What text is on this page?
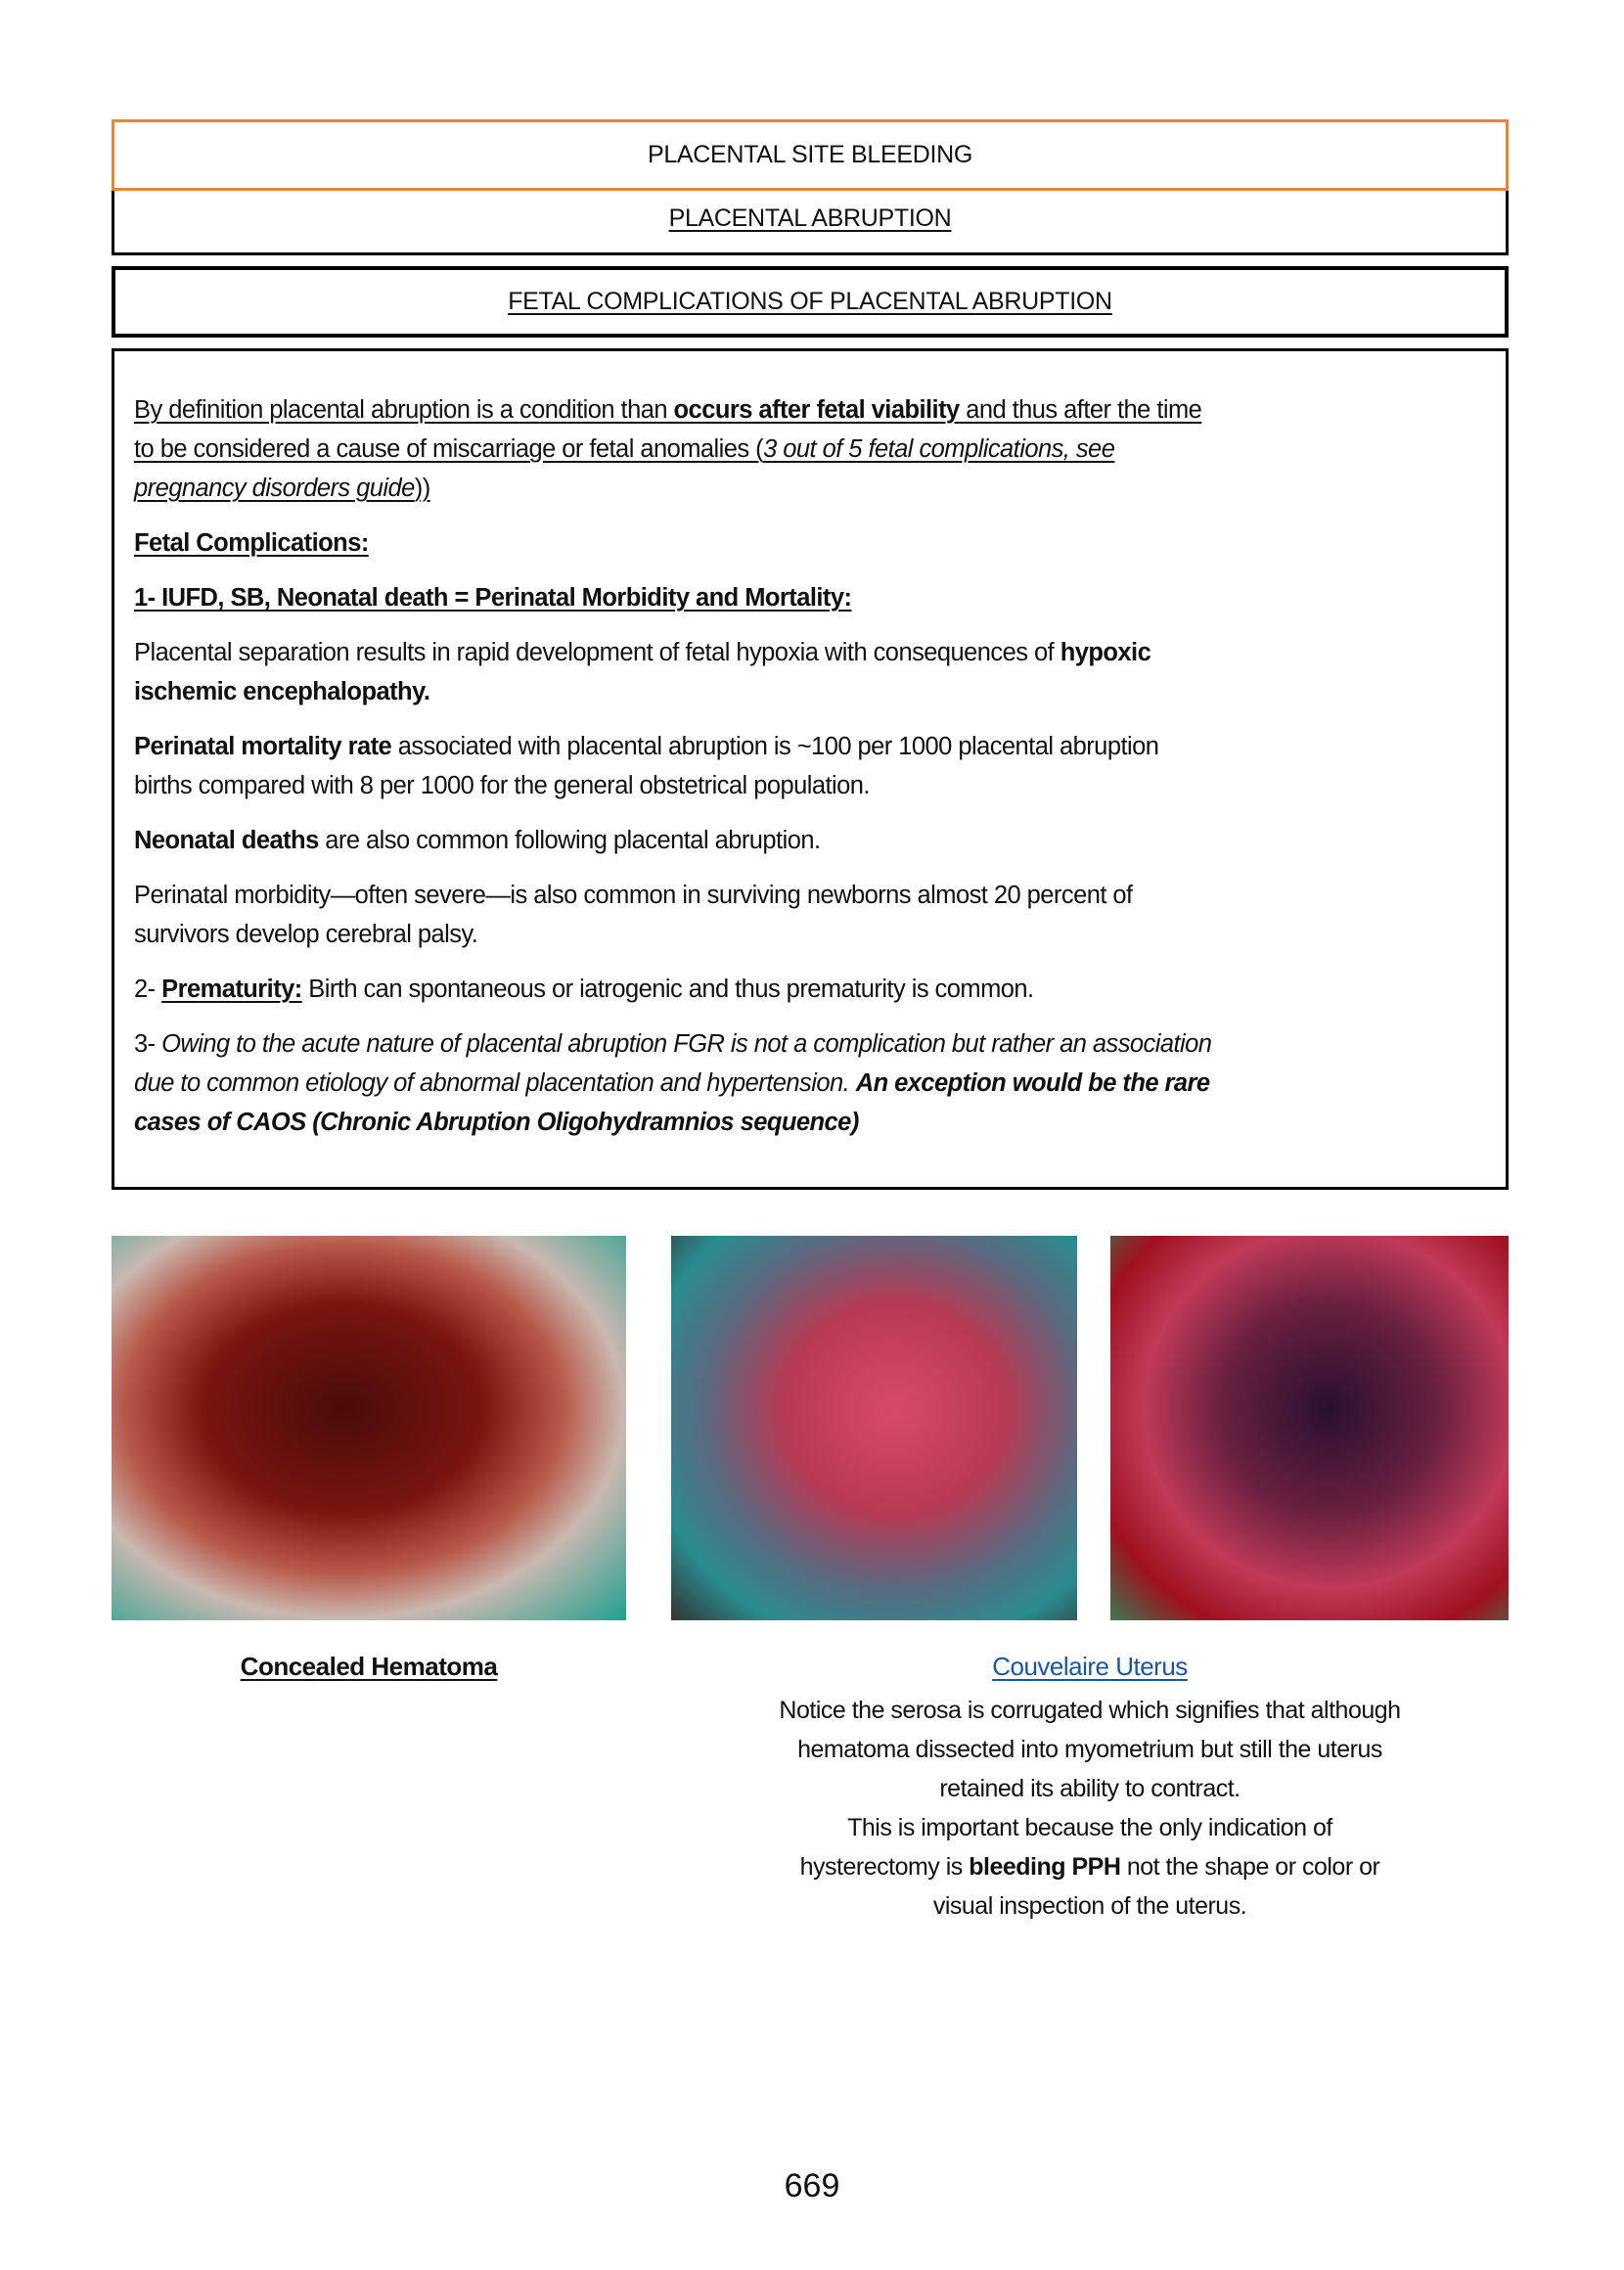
PLACENTAL SITE BLEEDING
PLACENTAL ABRUPTION
FETAL COMPLICATIONS OF PLACENTAL ABRUPTION

By definition placental abruption is a condition than occurs after fetal viability and thus after the time
to be considered a cause of miscarriage or fetal anomalies (3 out of 5 fetal complications, see
pregnancy disorders guide))

Fetal Complications:

1- IUFD, SB, Neonatal death = Perinatal Morbidity and Mortality:

Placental separation results in rapid development of fetal hypoxia with consequences of hypoxic
ischemic encephalopathy.

Perinatal mortality rate associated with placental abruption is ~100 per 1000 placental abruption
births compared with 8 per 1000 for the general obstetrical population.

Neonatal deaths are also common following placental abruption.

Perinatal morbidity—often severe—is also common in surviving newborns almost 20 percent of
survivors develop cerebral palsy.

2- Prematurity: Birth can spontaneous or iatrogenic and thus prematurity is common.

3- Owing to the acute nature of placental abruption FGR is not a complication but rather an association
due to common etiology of abnormal placentation and hypertension. An exception would be the rare
cases of CAOS (Chronic Abruption Oligohydramnios sequence)

Concealed Hematoma	Couvelaire Uterus
Notice the serosa is corrugated which signifies that although
hematoma dissected into myometrium but still the uterus
retained its ability to contract.
This is important because the only indication of
hysterectomy is bleeding PPH not the shape or color or
visual inspection of the uterus.
669
